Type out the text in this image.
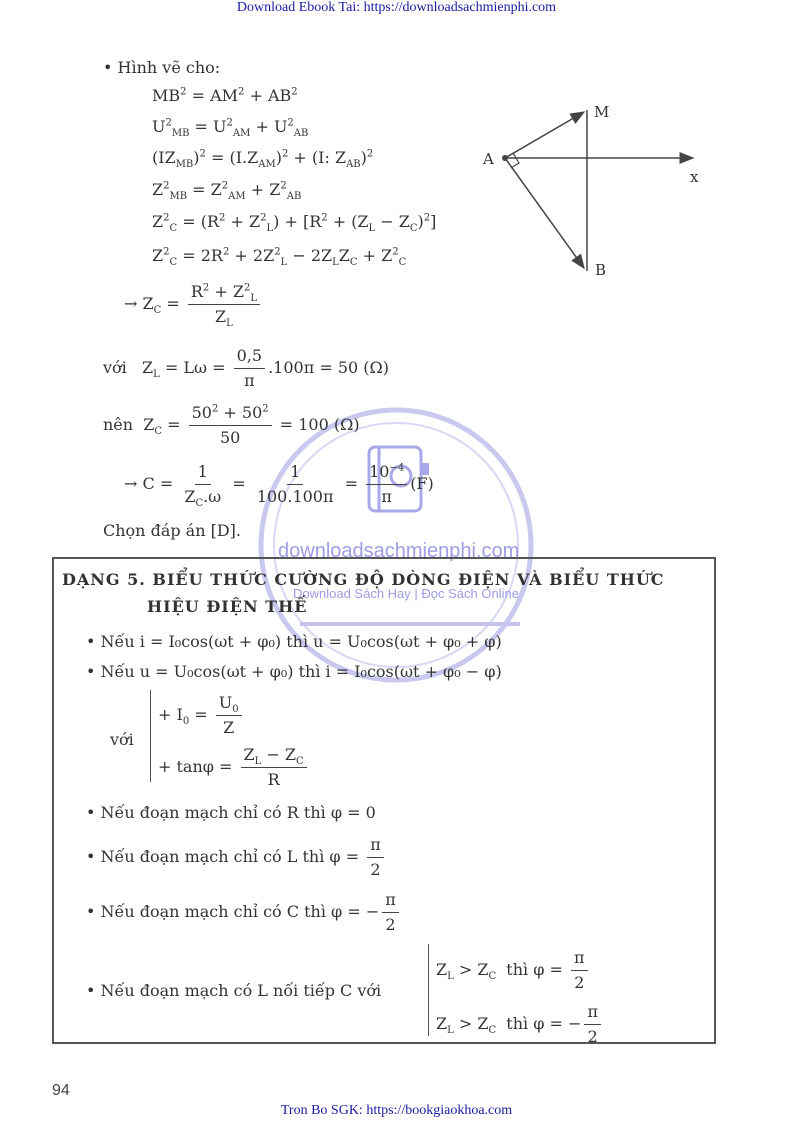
Download Ebook Tai: https://downloadsachmienphi.com
downloadsachmienphi.com
Download Sách Hay | Đọc Sách Online
• Hình vẽ cho:
$MB^2 = AM^2 + AB^2$
$U^2_{MB} = U^2_{AM} + U^2_{AB}$
$(IZ_{MB})^2 = (I.Z_{AM})^2 + (I$: $Z_{AB})^2$
$Z^2_{MB} = Z^2_{AM} + Z^2_{AB}$
$Z^2_C = (R^2 + Z^2_L) + [R^2 + (Z_L - Z_C)^2]$
$Z^2_C = 2R^2 + 2Z^2_L - 2Z_LZ_C + Z^2_C$
→ $Z_C = \frac{R^2 + Z^2_L}{Z_L}$
với   $Z_L = L\omega = \frac{0,5}{\pi} .100\pi = 50$ (Ω)
nên  $Z_C = \frac{50^2 + 50^2}{50} = 100$ (Ω)
→ $C = \frac{1}{Z_C.\omega} = \frac{1}{100.100\pi} = \frac{10^{-4}}{\pi} (F)$
Chọn đáp án [D].
A
M
B
x
DẠNG 5. BIỂU THỨC CƯỜNG ĐỘ DÒNG ĐIỆN VÀ BIỂU THỨC
HIỆU ĐIỆN THẾ
• Nếu i = I₀cos(ωt + φ₀) thì u = U₀cos(ωt + φ₀ + φ)
• Nếu u = U₀cos(ωt + φ₀) thì i = I₀cos(ωt + φ₀ − φ)
với
+ $I_0 = \frac{U_0}{Z}$
+ $\tan\varphi = \frac{Z_L - Z_C}{R}$
• Nếu đoạn mạch chỉ có R thì φ = 0
• Nếu đoạn mạch chỉ có L thì $\varphi = \frac{\pi}{2}$
• Nếu đoạn mạch chỉ có C thì φ = − $\frac{\pi}{2}$
• Nếu đoạn mạch có L nối tiếp C với
$Z_L > Z_C$ thì $\varphi = \frac{\pi}{2}$
$Z_L > Z_C$ thì φ = − $\frac{\pi}{2}$
94
Tron Bo SGK: https://bookgiaokhoa.com
